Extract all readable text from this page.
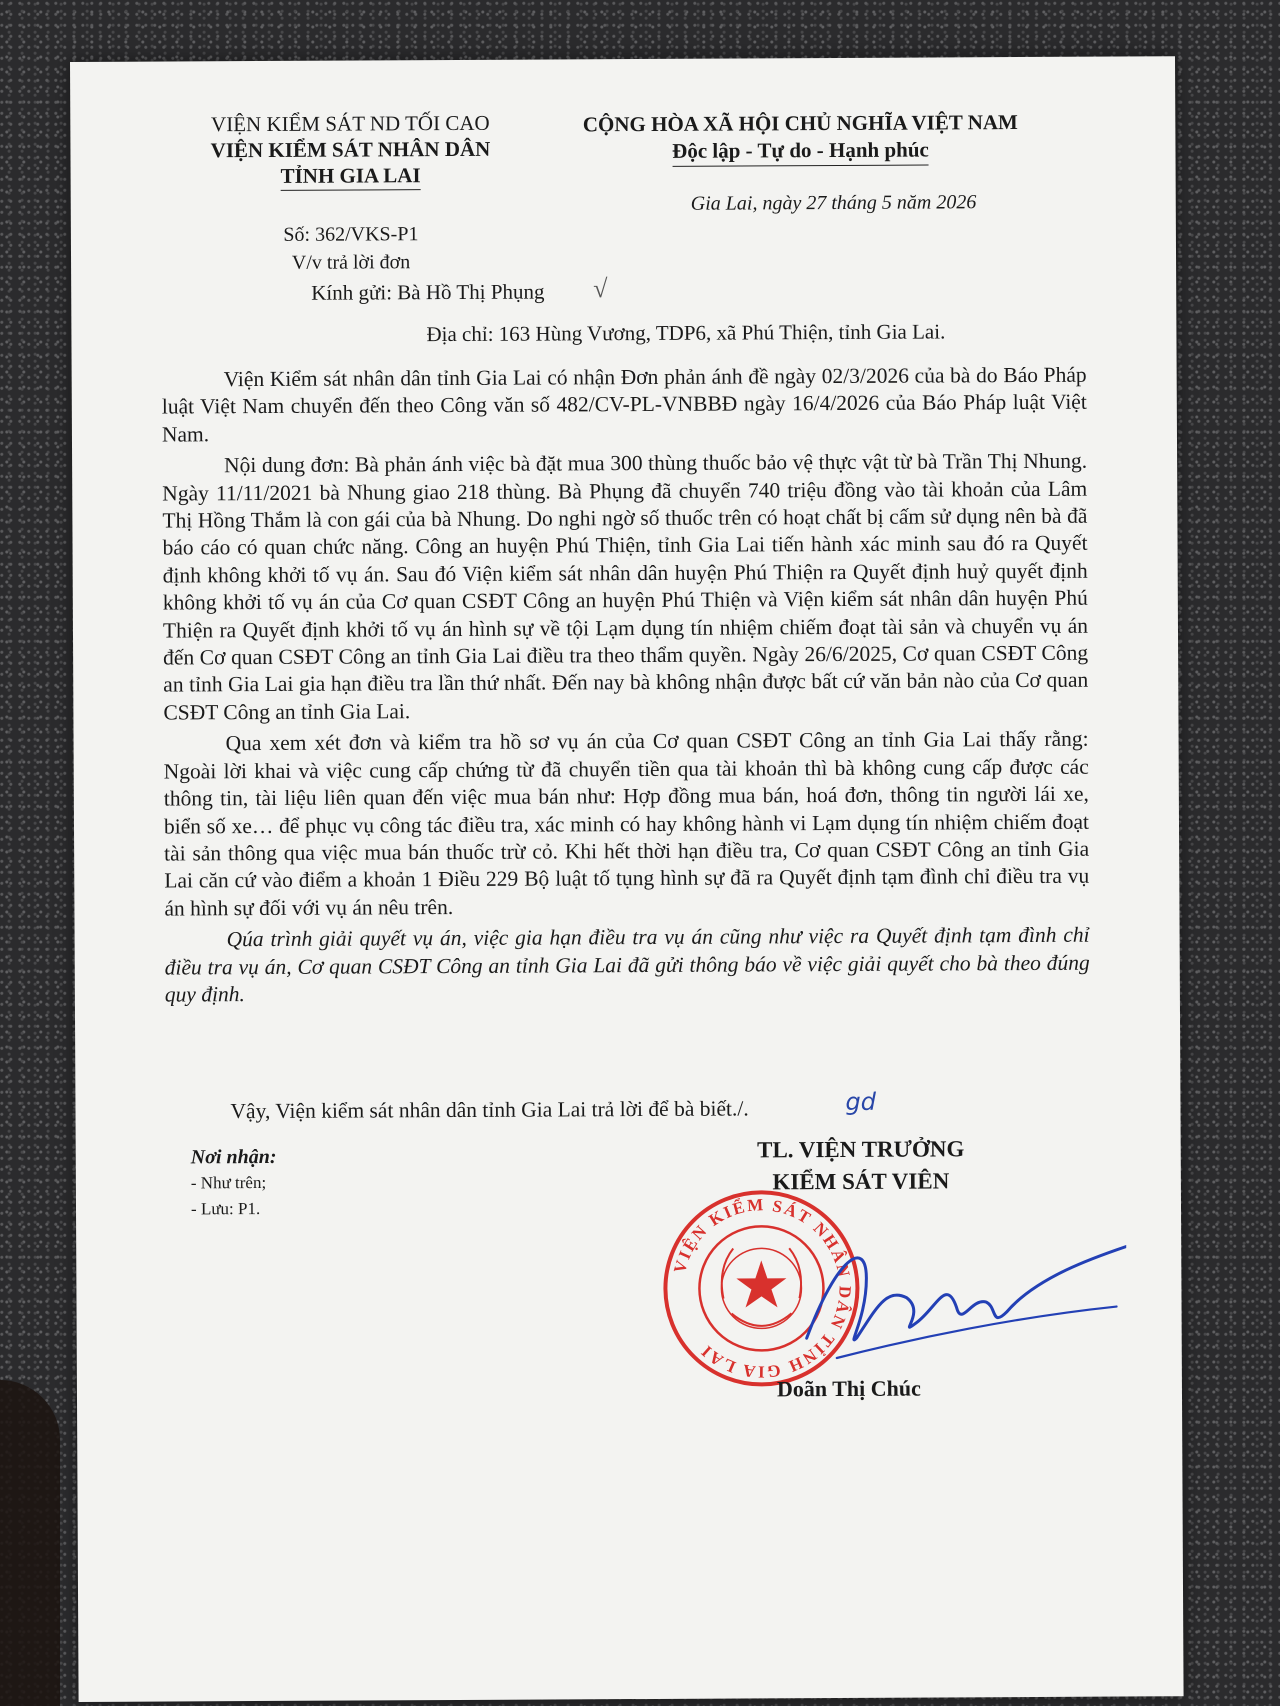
VIỆN KIỂM SÁT ND TỐI CAO
VIỆN KIỂM SÁT NHÂN DÂN
TỈNH GIA LAI
Số: 362/VKS-P1
V/v trả lời đơn
CỘNG HÒA XÃ HỘI CHỦ NGHĨA VIỆT NAM
Độc lập - Tự do - Hạnh phúc
Gia Lai, ngày 27 tháng 5 năm 2026
Kính gửi: Bà Hồ Thị Phụng √
Địa chỉ: 163 Hùng Vương, TDP6, xã Phú Thiện, tỉnh Gia Lai.

Viện Kiểm sát nhân dân tỉnh Gia Lai có nhận Đơn phản ánh đề ngày 02/3/2026 của bà do Báo Pháp luật Việt Nam chuyển đến theo Công văn số 482/CV-PL-VNBBĐ ngày 16/4/2026 của Báo Pháp luật Việt Nam.

Nội dung đơn: Bà phản ánh việc bà đặt mua 300 thùng thuốc bảo vệ thực vật từ bà Trần Thị Nhung. Ngày 11/11/2021 bà Nhung giao 218 thùng. Bà Phụng đã chuyển 740 triệu đồng vào tài khoản của Lâm Thị Hồng Thắm là con gái của bà Nhung. Do nghi ngờ số thuốc trên có hoạt chất bị cấm sử dụng nên bà đã báo cáo có quan chức năng. Công an huyện Phú Thiện, tỉnh Gia Lai tiến hành xác minh sau đó ra Quyết định không khởi tố vụ án. Sau đó Viện kiểm sát nhân dân huyện Phú Thiện ra Quyết định huỷ quyết định không khởi tố vụ án của Cơ quan CSĐT Công an huyện Phú Thiện và Viện kiểm sát nhân dân huyện Phú Thiện ra Quyết định khởi tố vụ án hình sự về tội Lạm dụng tín nhiệm chiếm đoạt tài sản và chuyển vụ án đến Cơ quan CSĐT Công an tỉnh Gia Lai điều tra theo thẩm quyền. Ngày 26/6/2025, Cơ quan CSĐT Công an tỉnh Gia Lai gia hạn điều tra lần thứ nhất. Đến nay bà không nhận được bất cứ văn bản nào của Cơ quan CSĐT Công an tỉnh Gia Lai.

Qua xem xét đơn và kiểm tra hồ sơ vụ án của Cơ quan CSĐT Công an tỉnh Gia Lai thấy rằng: Ngoài lời khai và việc cung cấp chứng từ đã chuyển tiền qua tài khoản thì bà không cung cấp được các thông tin, tài liệu liên quan đến việc mua bán như: Hợp đồng mua bán, hoá đơn, thông tin người lái xe, biển số xe… để phục vụ công tác điều tra, xác minh có hay không hành vi Lạm dụng tín nhiệm chiếm đoạt tài sản thông qua việc mua bán thuốc trừ cỏ. Khi hết thời hạn điều tra, Cơ quan CSĐT Công an tỉnh Gia Lai căn cứ vào điểm a khoản 1 Điều 229 Bộ luật tố tụng hình sự đã ra Quyết định tạm đình chỉ điều tra vụ án hình sự đối với vụ án nêu trên.

Qúa trình giải quyết vụ án, việc gia hạn điều tra vụ án cũng như việc ra Quyết định tạm đình chỉ điều tra vụ án, Cơ quan CSĐT Công an tỉnh Gia Lai đã gửi thông báo về việc giải quyết cho bà theo đúng quy định.

Vậy, Viện kiểm sát nhân dân tỉnh Gia Lai trả lời để bà biết./.	gd
Nơi nhận:
- Như trên;
- Lưu: P1.
TL. VIỆN TRƯỞNG
KIỂM SÁT VIÊN
VIỆN KIỂM SÁT NHÂN DÂN TỈNH GIA LAI
Doãn Thị Chúc
